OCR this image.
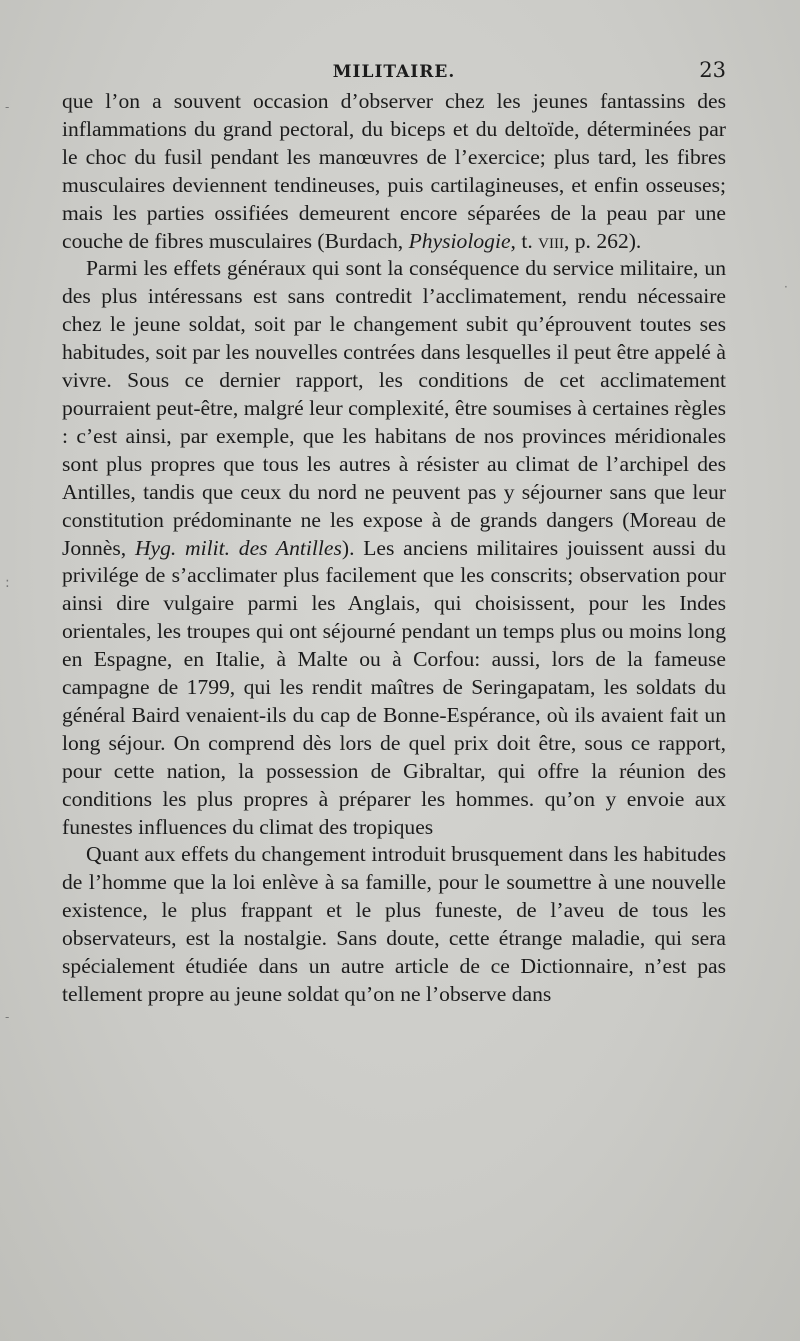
MILITAIRE.	23

que l’on a souvent occasion d’observer chez les jeunes fantassins des inflammations du grand pectoral, du biceps et du deltoïde, déterminées par le choc du fusil pendant les manœuvres de l’exercice; plus tard, les fibres musculaires deviennent tendineuses, puis cartilagineuses, et enfin osseuses; mais les parties ossifiées demeurent encore séparées de la peau par une couche de fibres musculaires (Burdach, Physiologie, t. viii, p. 262).

Parmi les effets généraux qui sont la conséquence du service militaire, un des plus intéressans est sans contredit l’acclimatement, rendu nécessaire chez le jeune soldat, soit par le changement subit qu’éprouvent toutes ses habitudes, soit par les nouvelles contrées dans lesquelles il peut être appelé à vivre. Sous ce dernier rapport, les conditions de cet acclimatement pourraient peut-être, malgré leur complexité, être soumises à certaines règles : c’est ainsi, par exemple, que les habitans de nos provinces méridionales sont plus propres que tous les autres à résister au climat de l’archipel des Antilles, tandis que ceux du nord ne peuvent pas y séjourner sans que leur constitution prédominante ne les expose à de grands dangers (Moreau de Jonnès, Hyg. milit. des Antilles). Les anciens militaires jouissent aussi du privilége de s’acclimater plus facilement que les conscrits; observation pour ainsi dire vulgaire parmi les Anglais, qui choisissent, pour les Indes orientales, les troupes qui ont séjourné pendant un temps plus ou moins long en Espagne, en Italie, à Malte ou à Corfou: aussi, lors de la fameuse campagne de 1799, qui les rendit maîtres de Seringapatam, les soldats du général Baird venaient-ils du cap de Bonne-Espérance, où ils avaient fait un long séjour. On comprend dès lors de quel prix doit être, sous ce rapport, pour cette nation, la possession de Gibraltar, qui offre la réunion des conditions les plus propres à préparer les hommes. qu’on y envoie aux funestes influences du climat des tropiques

Quant aux effets du changement introduit brusquement dans les habitudes de l’homme que la loi enlève à sa famille, pour le soumettre à une nouvelle existence, le plus frappant et le plus funeste, de l’aveu de tous les observateurs, est la nostalgie. Sans doute, cette étrange maladie, qui sera spécialement étudiée dans un autre article de ce Dictionnaire, n’est pas tellement propre au jeune soldat qu’on ne l’observe dans

-
:
-
·
